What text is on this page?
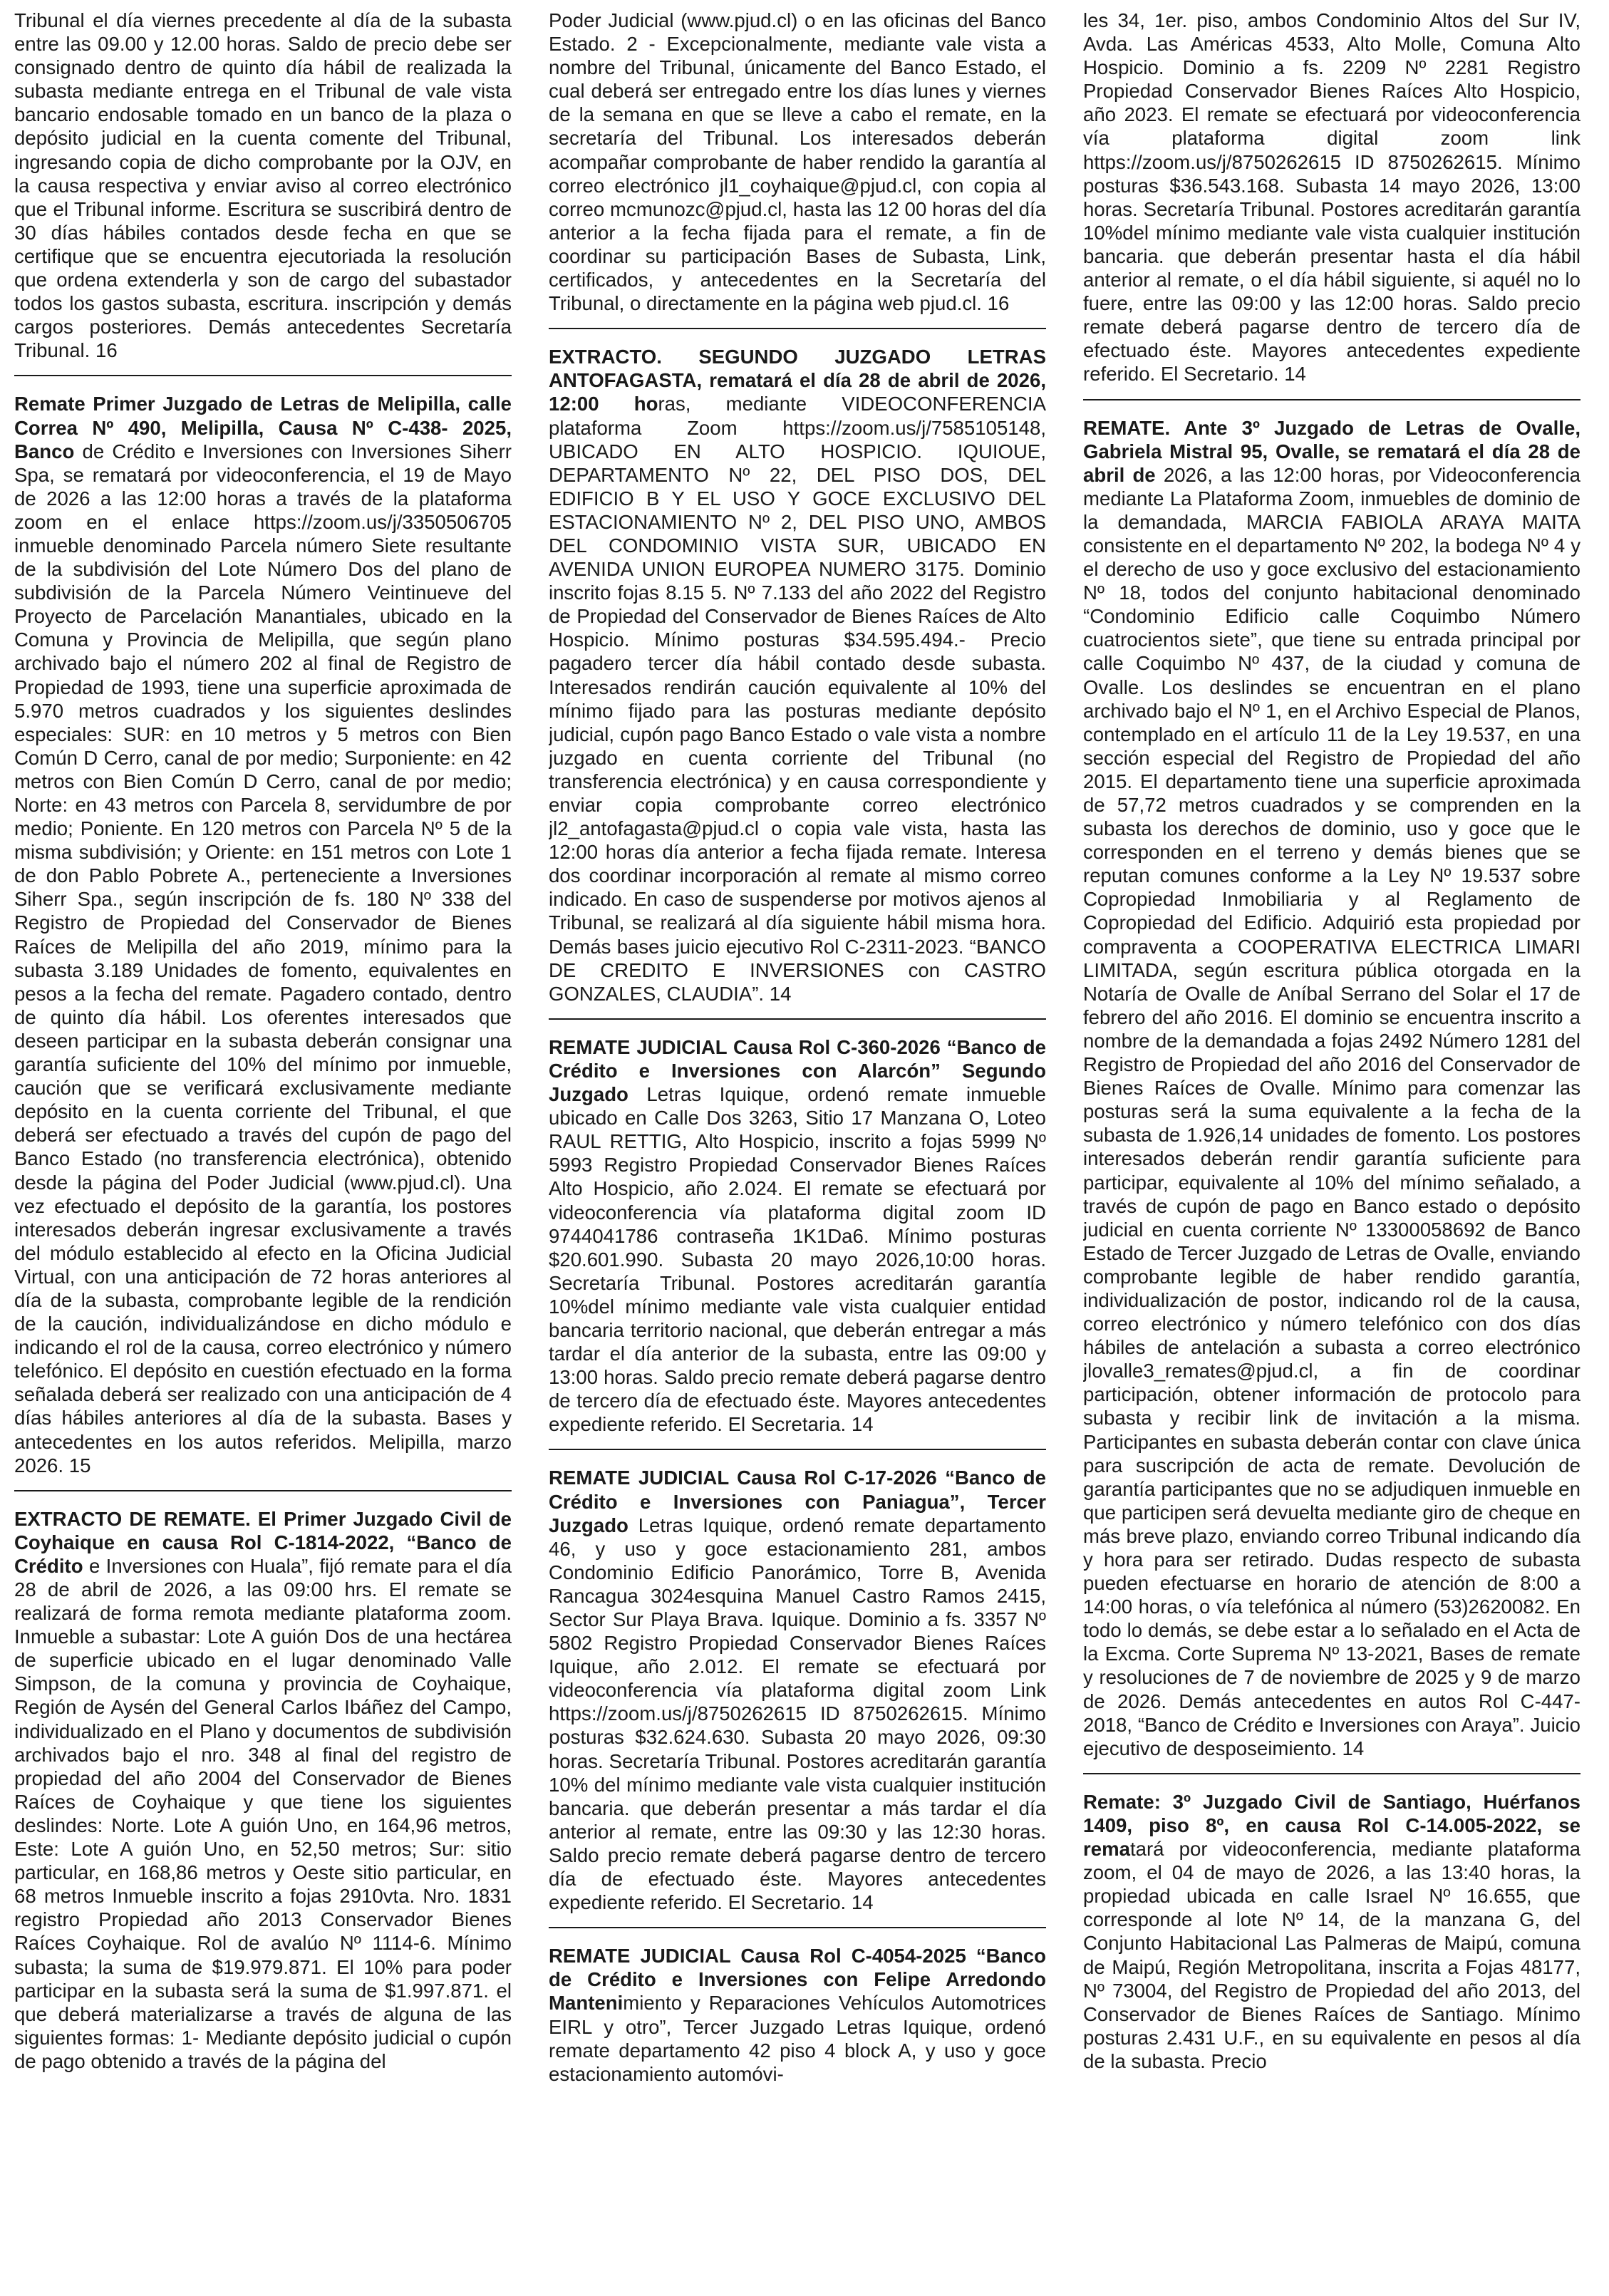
Tribunal el día viernes precedente al día de la subasta entre las 09.00 y 12.00 horas. Saldo de precio debe ser consignado dentro de quinto día hábil de realizada la subasta mediante entrega en el Tribunal de vale vista bancario endosable tomado en un banco de la plaza o depósito judicial en la cuenta comente del Tribunal, ingresando copia de dicho comprobante por la OJV, en la causa respectiva y enviar aviso al correo electrónico que el Tribunal informe. Escritura se suscribirá dentro de 30 días hábiles contados desde fecha en que se certifique que se encuentra ejecutoriada la resolución que ordena extenderla y son de cargo del subastador todos los gastos subasta, escritura. inscripción y demás cargos posteriores. Demás antecedentes Secretaría Tribunal. 16

Remate Primer Juzgado de Letras de Melipilla, calle Correa Nº 490, Melipilla, Causa Nº C-438- 2025, Banco de Crédito e Inversiones con Inversiones Siherr Spa, se rematará por videoconferencia, el 19 de Mayo de 2026 a las 12:00 horas a través de la plataforma zoom en el enlace https://zoom.us/j/3350506705 inmueble denominado Parcela número Siete resultante de la subdivisión del Lote Número Dos del plano de subdivisión de la Parcela Número Veintinueve del Proyecto de Parcelación Manantiales, ubicado en la Comuna y Provincia de Melipilla, que según plano archivado bajo el número 202 al final de Registro de Propiedad de 1993, tiene una superficie aproximada de 5.970 metros cuadrados y los siguientes deslindes especiales: SUR: en 10 metros y 5 metros con Bien Común D Cerro, canal de por medio; Surponiente: en 42 metros con Bien Común D Cerro, canal de por medio; Norte: en 43 metros con Parcela 8, servidumbre de por medio; Poniente. En 120 metros con Parcela Nº 5 de la misma subdivisión; y Oriente: en 151 metros con Lote 1 de don Pablo Pobrete A., perteneciente a Inversiones Siherr Spa., según inscripción de fs. 180 Nº 338 del Registro de Propiedad del Conservador de Bienes Raíces de Melipilla del año 2019, mínimo para la subasta 3.189 Unidades de fomento, equivalentes en pesos a la fecha del remate. Pagadero contado, dentro de quinto día hábil. Los oferentes interesados que deseen participar en la subasta deberán consignar una garantía suficiente del 10% del mínimo por inmueble, caución que se verificará exclusivamente mediante depósito en la cuenta corriente del Tribunal, el que deberá ser efectuado a través del cupón de pago del Banco Estado (no transferencia electrónica), obtenido desde la página del Poder Judicial (www.pjud.cl). Una vez efectuado el depósito de la garantía, los postores interesados deberán ingresar exclusivamente a través del módulo establecido al efecto en la Oficina Judicial Virtual, con una anticipación de 72 horas anteriores al día de la subasta, comprobante legible de la rendición de la caución, individualizándose en dicho módulo e indicando el rol de la causa, correo electrónico y número telefónico. El depósito en cuestión efectuado en la forma señalada deberá ser realizado con una anticipación de 4 días hábiles anteriores al día de la subasta. Bases y antecedentes en los autos referidos. Melipilla, marzo 2026. 15

EXTRACTO DE REMATE. El Primer Juzgado Civil de Coyhaique en causa Rol C-1814-2022, “Banco de Crédito e Inversiones con Huala”, fijó remate para el día 28 de abril de 2026, a las 09:00 hrs. El remate se realizará de forma remota mediante plataforma zoom. Inmueble a subastar: Lote A guión Dos de una hectárea de superficie ubicado en el lugar denominado Valle Simpson, de la comuna y provincia de Coyhaique, Región de Aysén del General Carlos Ibáñez del Campo, individualizado en el Plano y documentos de subdivisión archivados bajo el nro. 348 al final del registro de propiedad del año 2004 del Conservador de Bienes Raíces de Coyhaique y que tiene los siguientes deslindes: Norte. Lote A guión Uno, en 164,96 metros, Este: Lote A guión Uno, en 52,50 metros; Sur: sitio particular, en 168,86 metros y Oeste sitio particular, en 68 metros Inmueble inscrito a fojas 2910vta. Nro. 1831 registro Propiedad año 2013 Conservador Bienes Raíces Coyhaique. Rol de avalúo Nº 1114-6. Mínimo subasta; la suma de $19.979.871. El 10% para poder participar en la subasta será la suma de $1.997.871. el que deberá materializarse a través de alguna de las siguientes formas: 1- Mediante depósito judicial o cupón de pago obtenido a través de la página del

Poder Judicial (www.pjud.cl) o en las oficinas del Banco Estado. 2 - Excepcionalmente, mediante vale vista a nombre del Tribunal, únicamente del Banco Estado, el cual deberá ser entregado entre los días lunes y viernes de la semana en que se lleve a cabo el remate, en la secretaría del Tribunal. Los interesados deberán acompañar comprobante de haber rendido la garantía al correo electrónico jl1_coyhaique@pjud.cl, con copia al correo mcmunozc@pjud.cl, hasta las 12 00 horas del día anterior a la fecha fijada para el remate, a fin de coordinar su participación Bases de Subasta, Link, certificados, y antecedentes en la Secretaría del Tribunal, o directamente en la página web pjud.cl. 16

EXTRACTO. SEGUNDO JUZGADO LETRAS ANTOFAGASTA, rematará el día 28 de abril de 2026, 12:00 horas, mediante VIDEOCONFERENCIA plataforma Zoom https://zoom.us/j/7585105148, UBICADO EN ALTO HOSPICIO. IQUIOUE, DEPARTAMENTO Nº 22, DEL PISO DOS, DEL EDIFICIO B Y EL USO Y GOCE EXCLUSIVO DEL ESTACIONAMIENTO Nº 2, DEL PISO UNO, AMBOS DEL CONDOMINIO VISTA SUR, UBICADO EN AVENIDA UNION EUROPEA NUMERO 3175. Dominio inscrito fojas 8.15 5. Nº 7.133 del año 2022 del Registro de Propiedad del Conservador de Bienes Raíces de Alto Hospicio. Mínimo posturas $34.595.494.- Precio pagadero tercer día hábil contado desde subasta. Interesados rendirán caución equivalente al 10% del mínimo fijado para las posturas mediante depósito judicial, cupón pago Banco Estado o vale vista a nombre juzgado en cuenta corriente del Tribunal (no transferencia electrónica) y en causa correspondiente y enviar copia comprobante correo electrónico jl2_antofagasta@pjud.cl o copia vale vista, hasta las 12:00 horas día anterior a fecha fijada remate. Interesa dos coordinar incorporación al remate al mismo correo indicado. En caso de suspenderse por motivos ajenos al Tribunal, se realizará al día siguiente hábil misma hora. Demás bases juicio ejecutivo Rol C-2311-2023. “BANCO DE CREDITO E INVERSIONES con CASTRO GONZALES, CLAUDIA”. 14

REMATE JUDICIAL Causa Rol C-360-2026 “Banco de Crédito e Inversiones con Alarcón” Segundo Juzgado Letras Iquique, ordenó remate inmueble ubicado en Calle Dos 3263, Sitio 17 Manzana O, Loteo RAUL RETTIG, Alto Hospicio, inscrito a fojas 5999 Nº 5993 Registro Propiedad Conservador Bienes Raíces Alto Hospicio, año 2.024. El remate se efectuará por videoconferencia vía plataforma digital zoom ID 9744041786 contraseña 1K1Da6. Mínimo posturas $20.601.990. Subasta 20 mayo 2026,10:00 horas. Secretaría Tribunal. Postores acreditarán garantía 10%del mínimo mediante vale vista cualquier entidad bancaria territorio nacional, que deberán entregar a más tardar el día anterior de la subasta, entre las 09:00 y 13:00 horas. Saldo precio remate deberá pagarse dentro de tercero día de efectuado éste. Mayores antecedentes expediente referido. El Secretaria. 14

REMATE JUDICIAL Causa Rol C-17-2026 “Banco de Crédito e Inversiones con Paniagua”, Tercer Juzgado Letras Iquique, ordenó remate departamento 46, y uso y goce estacionamiento 281, ambos Condominio Edificio Panorámico, Torre B, Avenida Rancagua 3024esquina Manuel Castro Ramos 2415, Sector Sur Playa Brava. Iquique. Dominio a fs. 3357 Nº 5802 Registro Propiedad Conservador Bienes Raíces Iquique, año 2.012. El remate se efectuará por videoconferencia vía plataforma digital zoom Link https://zoom.us/j/8750262615 ID 8750262615. Mínimo posturas $32.624.630. Subasta 20 mayo 2026, 09:30 horas. Secretaría Tribunal. Postores acreditarán garantía 10% del mínimo mediante vale vista cualquier institución bancaria. que deberán presentar a más tardar el día anterior al remate, entre las 09:30 y las 12:30 horas. Saldo precio remate deberá pagarse dentro de tercero día de efectuado éste. Mayores antecedentes expediente referido. El Secretario. 14

REMATE JUDICIAL Causa Rol C-4054-2025 “Banco de Crédito e Inversiones con Felipe Arredondo Mantenimiento y Reparaciones Vehículos Automotrices EIRL y otro”, Tercer Juzgado Letras Iquique, ordenó remate departamento 42 piso 4 block A, y uso y goce estacionamiento automóvi-

les 34, 1er. piso, ambos Condominio Altos del Sur IV, Avda. Las Américas 4533, Alto Molle, Comuna Alto Hospicio. Dominio a fs. 2209 Nº 2281 Registro Propiedad Conservador Bienes Raíces Alto Hospicio, año 2023. El remate se efectuará por videoconferencia vía plataforma digital zoom link https://zoom.us/j/8750262615 ID 8750262615. Mínimo posturas $36.543.168. Subasta 14 mayo 2026, 13:00 horas. Secretaría Tribunal. Postores acreditarán garantía 10%del mínimo mediante vale vista cualquier institución bancaria. que deberán presentar hasta el día hábil anterior al remate, o el día hábil siguiente, si aquél no lo fuere, entre las 09:00 y las 12:00 horas. Saldo precio remate deberá pagarse dentro de tercero día de efectuado éste. Mayores antecedentes expediente referido. El Secretario. 14

REMATE. Ante 3º Juzgado de Letras de Ovalle, Gabriela Mistral 95, Ovalle, se rematará el día 28 de abril de 2026, a las 12:00 horas, por Videoconferencia mediante La Plataforma Zoom, inmuebles de dominio de la demandada, MARCIA FABIOLA ARAYA MAITA consistente en el departamento Nº 202, la bodega Nº 4 y el derecho de uso y goce exclusivo del estacionamiento Nº 18, todos del conjunto habitacional denominado “Condominio Edificio calle Coquimbo Número cuatrocientos siete”, que tiene su entrada principal por calle Coquimbo Nº 437, de la ciudad y comuna de Ovalle. Los deslindes se encuentran en el plano archivado bajo el Nº 1, en el Archivo Especial de Planos, contemplado en el artículo 11 de la Ley 19.537, en una sección especial del Registro de Propiedad del año 2015. El departamento tiene una superficie aproximada de 57,72 metros cuadrados y se comprenden en la subasta los derechos de dominio, uso y goce que le corresponden en el terreno y demás bienes que se reputan comunes conforme a la Ley Nº 19.537 sobre Copropiedad Inmobiliaria y al Reglamento de Copropiedad del Edificio. Adquirió esta propiedad por compraventa a COOPERATIVA ELECTRICA LIMARI LIMITADA, según escritura pública otorgada en la Notaría de Ovalle de Aníbal Serrano del Solar el 17 de febrero del año 2016. El dominio se encuentra inscrito a nombre de la demandada a fojas 2492 Número 1281 del Registro de Propiedad del año 2016 del Conservador de Bienes Raíces de Ovalle. Mínimo para comenzar las posturas será la suma equivalente a la fecha de la subasta de 1.926,14 unidades de fomento. Los postores interesados deberán rendir garantía suficiente para participar, equivalente al 10% del mínimo señalado, a través de cupón de pago en Banco estado o depósito judicial en cuenta corriente Nº 13300058692 de Banco Estado de Tercer Juzgado de Letras de Ovalle, enviando comprobante legible de haber rendido garantía, individualización de postor, indicando rol de la causa, correo electrónico y número telefónico con dos días hábiles de antelación a subasta a correo electrónico jlovalle3_remates@pjud.cl, a fin de coordinar participación, obtener información de protocolo para subasta y recibir link de invitación a la misma. Participantes en subasta deberán contar con clave única para suscripción de acta de remate. Devolución de garantía participantes que no se adjudiquen inmueble en que participen será devuelta mediante giro de cheque en más breve plazo, enviando correo Tribunal indicando día y hora para ser retirado. Dudas respecto de subasta pueden efectuarse en horario de atención de 8:00 a 14:00 horas, o vía telefónica al número (53)2620082. En todo lo demás, se debe estar a lo señalado en el Acta de la Excma. Corte Suprema Nº 13-2021, Bases de remate y resoluciones de 7 de noviembre de 2025 y 9 de marzo de 2026. Demás antecedentes en autos Rol C-447-2018, “Banco de Crédito e Inversiones con Araya”. Juicio ejecutivo de desposeimiento. 14

Remate: 3º Juzgado Civil de Santiago, Huérfanos 1409, piso 8º, en causa Rol C-14.005-2022, se rematará por videoconferencia, mediante plataforma zoom, el 04 de mayo de 2026, a las 13:40 horas, la propiedad ubicada en calle Israel Nº 16.655, que corresponde al lote Nº 14, de la manzana G, del Conjunto Habitacional Las Palmeras de Maipú, comuna de Maipú, Región Metropolitana, inscrita a Fojas 48177, Nº 73004, del Registro de Propiedad del año 2013, del Conservador de Bienes Raíces de Santiago. Mínimo posturas 2.431 U.F., en su equivalente en pesos al día de la subasta. Precio
